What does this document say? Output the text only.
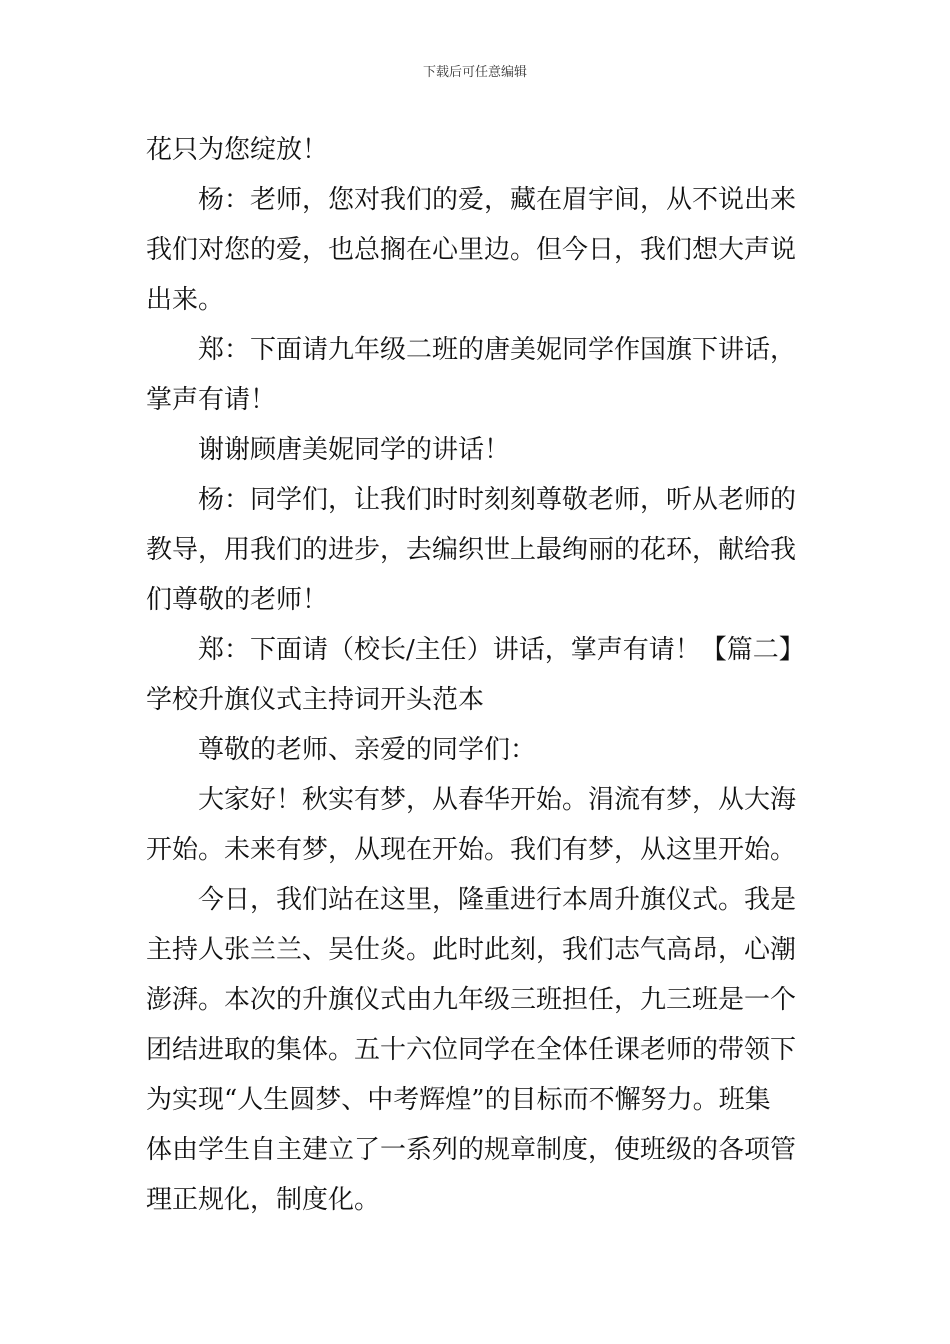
下载后可任意编辑
花只为您绽放！
杨：老师，您对我们的爱，藏在眉宇间，从不说出来
我们对您的爱，也总搁在心里边。但今日，我们想大声说
出来。
郑：下面请九年级二班的唐美妮同学作国旗下讲话，
掌声有请！
谢谢顾唐美妮同学的讲话！
杨：同学们，让我们时时刻刻尊敬老师，听从老师的
教导，用我们的进步，去编织世上最绚丽的花环，献给我
们尊敬的老师！
郑：下面请（校长/主任）讲话，掌声有请！【篇二】
学校升旗仪式主持词开头范本
尊敬的老师、亲爱的同学们：
大家好！秋实有梦，从春华开始。涓流有梦，从大海
开始。未来有梦，从现在开始。我们有梦，从这里开始。
今日，我们站在这里，隆重进行本周升旗仪式。我是
主持人张兰兰、吴仕炎。此时此刻，我们志气高昂，心潮
澎湃。本次的升旗仪式由九年级三班担任，九三班是一个
团结进取的集体。五十六位同学在全体任课老师的带领下
为实现“人生圆梦、中考辉煌”的目标而不懈努力。班集
体由学生自主建立了一系列的规章制度，使班级的各项管
理正规化，制度化。
